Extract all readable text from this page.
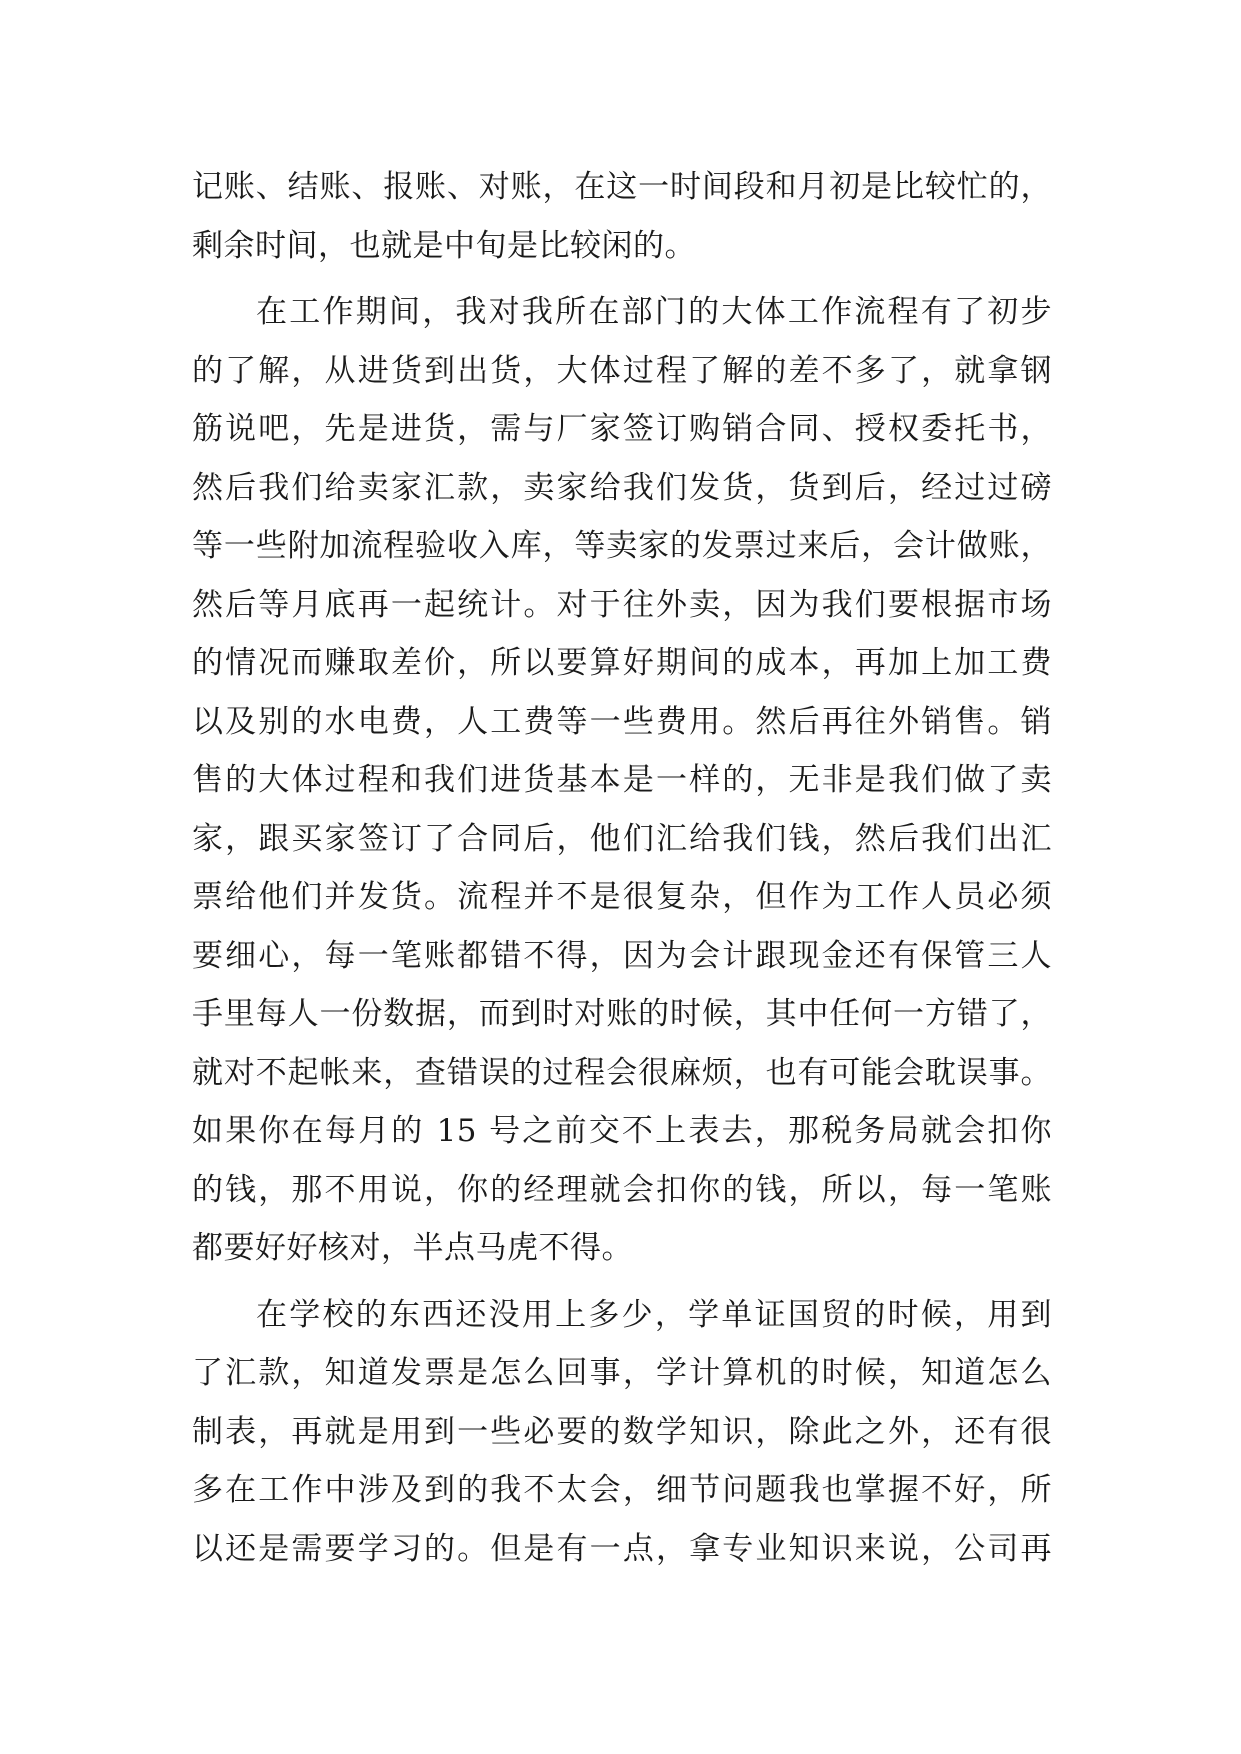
记账、结账、报账、对账，在这一时间段和月初是比较忙的，
剩余时间，也就是中旬是比较闲的。
在工作期间，我对我所在部门的大体工作流程有了初步
的了解，从进货到出货，大体过程了解的差不多了，就拿钢
筋说吧，先是进货，需与厂家签订购销合同、授权委托书，
然后我们给卖家汇款，卖家给我们发货，货到后，经过过磅
等一些附加流程验收入库，等卖家的发票过来后，会计做账，
然后等月底再一起统计。对于往外卖，因为我们要根据市场
的情况而赚取差价，所以要算好期间的成本，再加上加工费
以及别的水电费，人工费等一些费用。然后再往外销售。销
售的大体过程和我们进货基本是一样的，无非是我们做了卖
家，跟买家签订了合同后，他们汇给我们钱，然后我们出汇
票给他们并发货。流程并不是很复杂，但作为工作人员必须
要细心，每一笔账都错不得，因为会计跟现金还有保管三人
手里每人一份数据，而到时对账的时候，其中任何一方错了，
就对不起帐来，查错误的过程会很麻烦，也有可能会耽误事。
如果你在每月的 15 号之前交不上表去，那税务局就会扣你
的钱，那不用说，你的经理就会扣你的钱，所以，每一笔账
都要好好核对，半点马虎不得。
在学校的东西还没用上多少，学单证国贸的时候，用到
了汇款，知道发票是怎么回事，学计算机的时候，知道怎么
制表，再就是用到一些必要的数学知识，除此之外，还有很
多在工作中涉及到的我不太会，细节问题我也掌握不好，所
以还是需要学习的。但是有一点，拿专业知识来说，公司再
